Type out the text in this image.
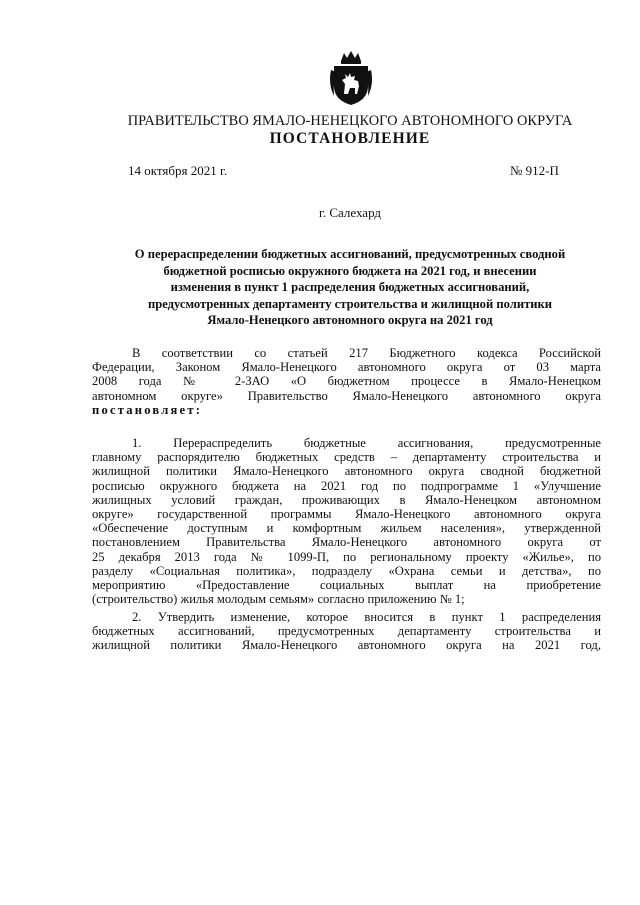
ПРАВИТЕЛЬСТВО ЯМАЛО-НЕНЕЦКОГО АВТОНОМНОГО ОКРУГА
ПОСТАНОВЛЕНИЕ
14 октября 2021 г.	№ 912-П
г. Салехард
О перераспределении бюджетных ассигнований, предусмотренных сводной
бюджетной росписью окружного бюджета на 2021 год, и внесении
изменения в пункт 1 распределения бюджетных ассигнований,
предусмотренных департаменту строительства и жилищной политики
Ямало-Ненецкого автономного округа на 2021 год
В соответствии со статьей 217 Бюджетного кодекса Российской
Федерации, Законом Ямало-Ненецкого автономного округа от 03 марта
2008 года № 2-ЗАО «О бюджетном процессе в Ямало-Ненецком
автономном округе» Правительство Ямало-Ненецкого автономного округа
постановляет:
1. Перераспределить бюджетные ассигнования, предусмотренные
главному распорядителю бюджетных средств – департаменту строительства и
жилищной политики Ямало-Ненецкого автономного округа сводной бюджетной
росписью окружного бюджета на 2021 год по подпрограмме 1 «Улучшение
жилищных условий граждан, проживающих в Ямало-Ненецком автономном
округе» государственной программы Ямало-Ненецкого автономного округа
«Обеспечение доступным и комфортным жильем населения», утвержденной
постановлением Правительства Ямало-Ненецкого автономного округа от
25 декабря 2013 года № 1099-П, по региональному проекту «Жилье», по
разделу «Социальная политика», подразделу «Охрана семьи и детства», по
мероприятию «Предоставление социальных выплат на приобретение
(строительство) жилья молодым семьям» согласно приложению № 1;
2. Утвердить изменение, которое вносится в пункт 1 распределения
бюджетных ассигнований, предусмотренных департаменту строительства и
жилищной политики Ямало-Ненецкого автономного округа на 2021 год,
